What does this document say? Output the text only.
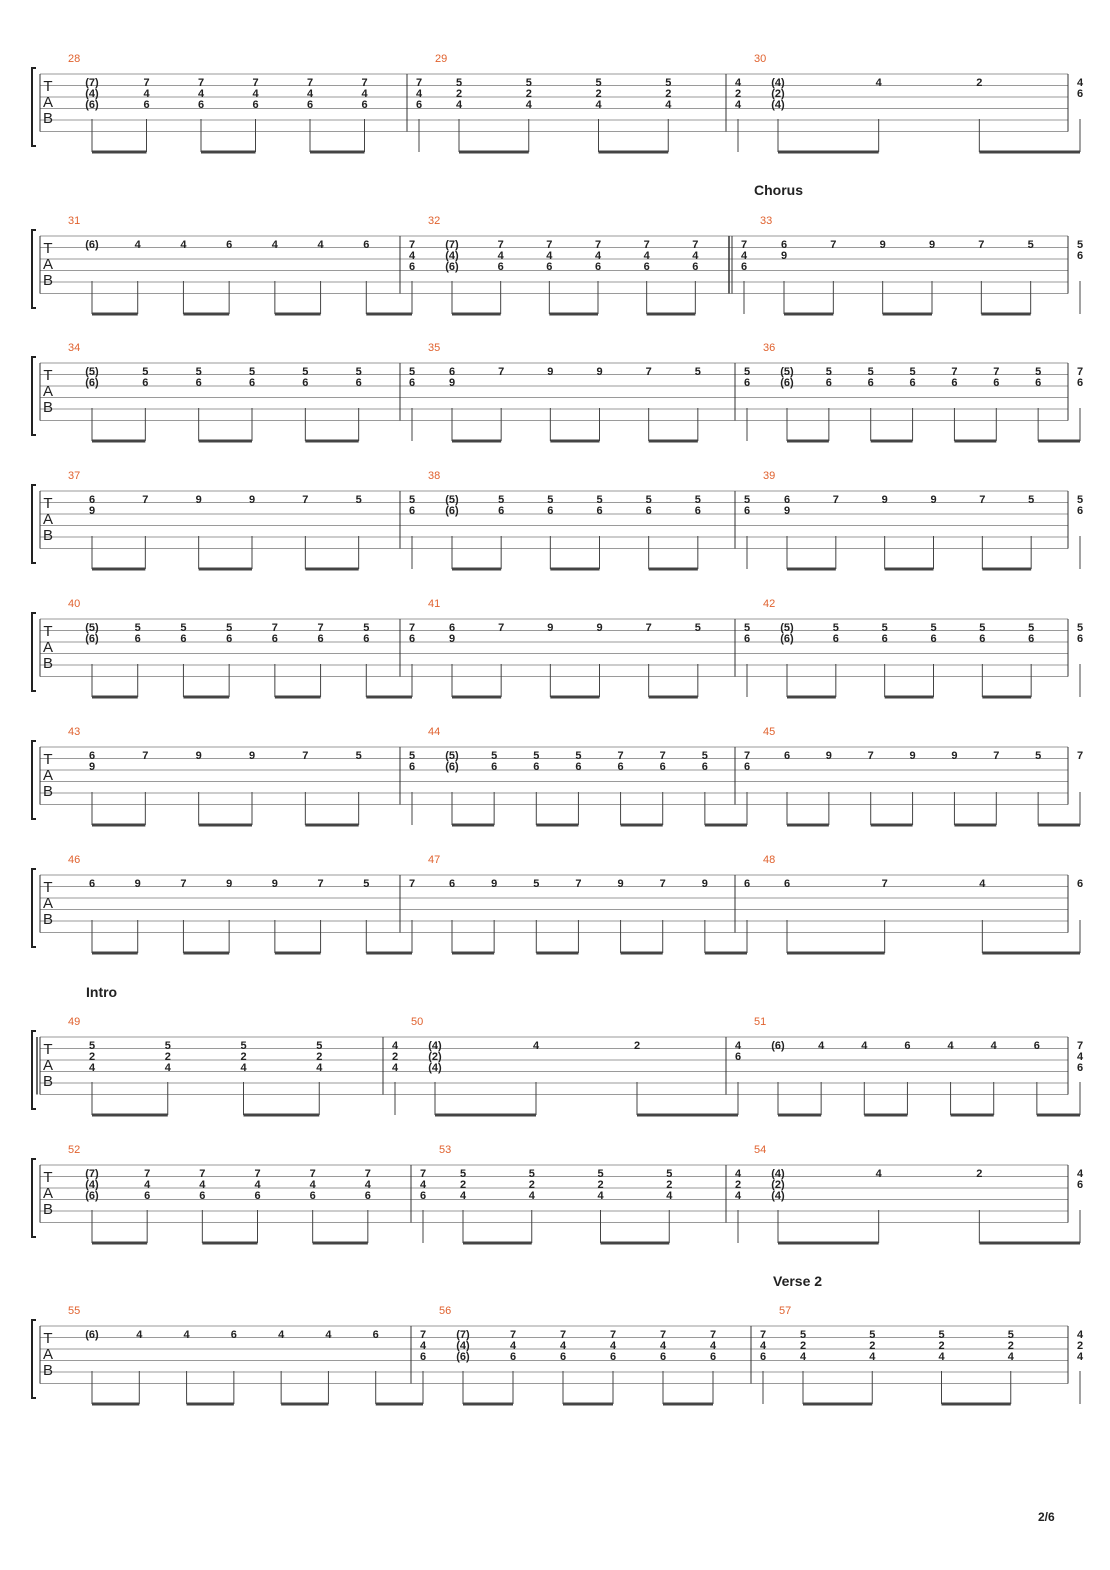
Chorus
Intro
Verse 2
T
A
B
28
(7)
(4)
(6)
7
4
6
7
4
6
7
4
6
7
4
6
7
4
6
7
4
6
29
5
2
4
5
2
4
5
2
4
5
2
4
4
2
4
30
(4)
(2)
(4)
4	2	4
6
T
A
B
31
(6)	4	4	6	4	4	6	7
4
6
32
(7)
(4)
(6)
7
4
6
7
4
6
7
4
6
7
4
6
7
4
6
7
4
6
33
6
9
7	9	9	7	5	5
6
T
A
B
34
(5)
(6)
5
6
5
6
5
6
5
6
5
6
5
6
35
6
9
7	9	9	7	5	5
6
36
(5)
(6)
5
6
5
6
5
6
7
6
7
6
5
6
7
6
T
A
B
37
6
9
7	9	9	7	5	5
6
38
(5)
(6)
5
6
5
6
5
6
5
6
5
6
5
6
39
6
9
7	9	9	7	5	5
6
T
A
B
40
(5)
(6)
5
6
5
6
5
6
7
6
7
6
5
6
7
6
41
6
9
7	9	9	7	5	5
6
42
(5)
(6)
5
6
5
6
5
6
5
6
5
6
5
6
T
A
B
43
6
9
7	9	9	7	5	5
6
44
(5)
(6)
5
6
5
6
5
6
7
6
7
6
5
6
7
6
45
6	9	7	9	9	7	5	7
T
A
B
46
6	9	7	9	9	7	5	7
47
6	9	5	7	9	7	9	6
48
6	7	4	6
T
A
B
49
5
2
4
5
2
4
5
2
4
5
2
4
4
2
4
50
(4)
(2)
(4)
4	2	4
6
51
(6)	4	4	6	4	4	6	7
4
6
T
A
B
52
(7)
(4)
(6)
7
4
6
7
4
6
7
4
6
7
4
6
7
4
6
7
4
6
53
5
2
4
5
2
4
5
2
4
5
2
4
4
2
4
54
(4)
(2)
(4)
4	2	4
6
T
A
B
55
(6)	4	4	6	4	4	6	7
4
6
56
(7)
(4)
(6)
7
4
6
7
4
6
7
4
6
7
4
6
7
4
6
7
4
6
57
5
2
4
5
2
4
5
2
4
5
2
4
4
2
4
2/6
